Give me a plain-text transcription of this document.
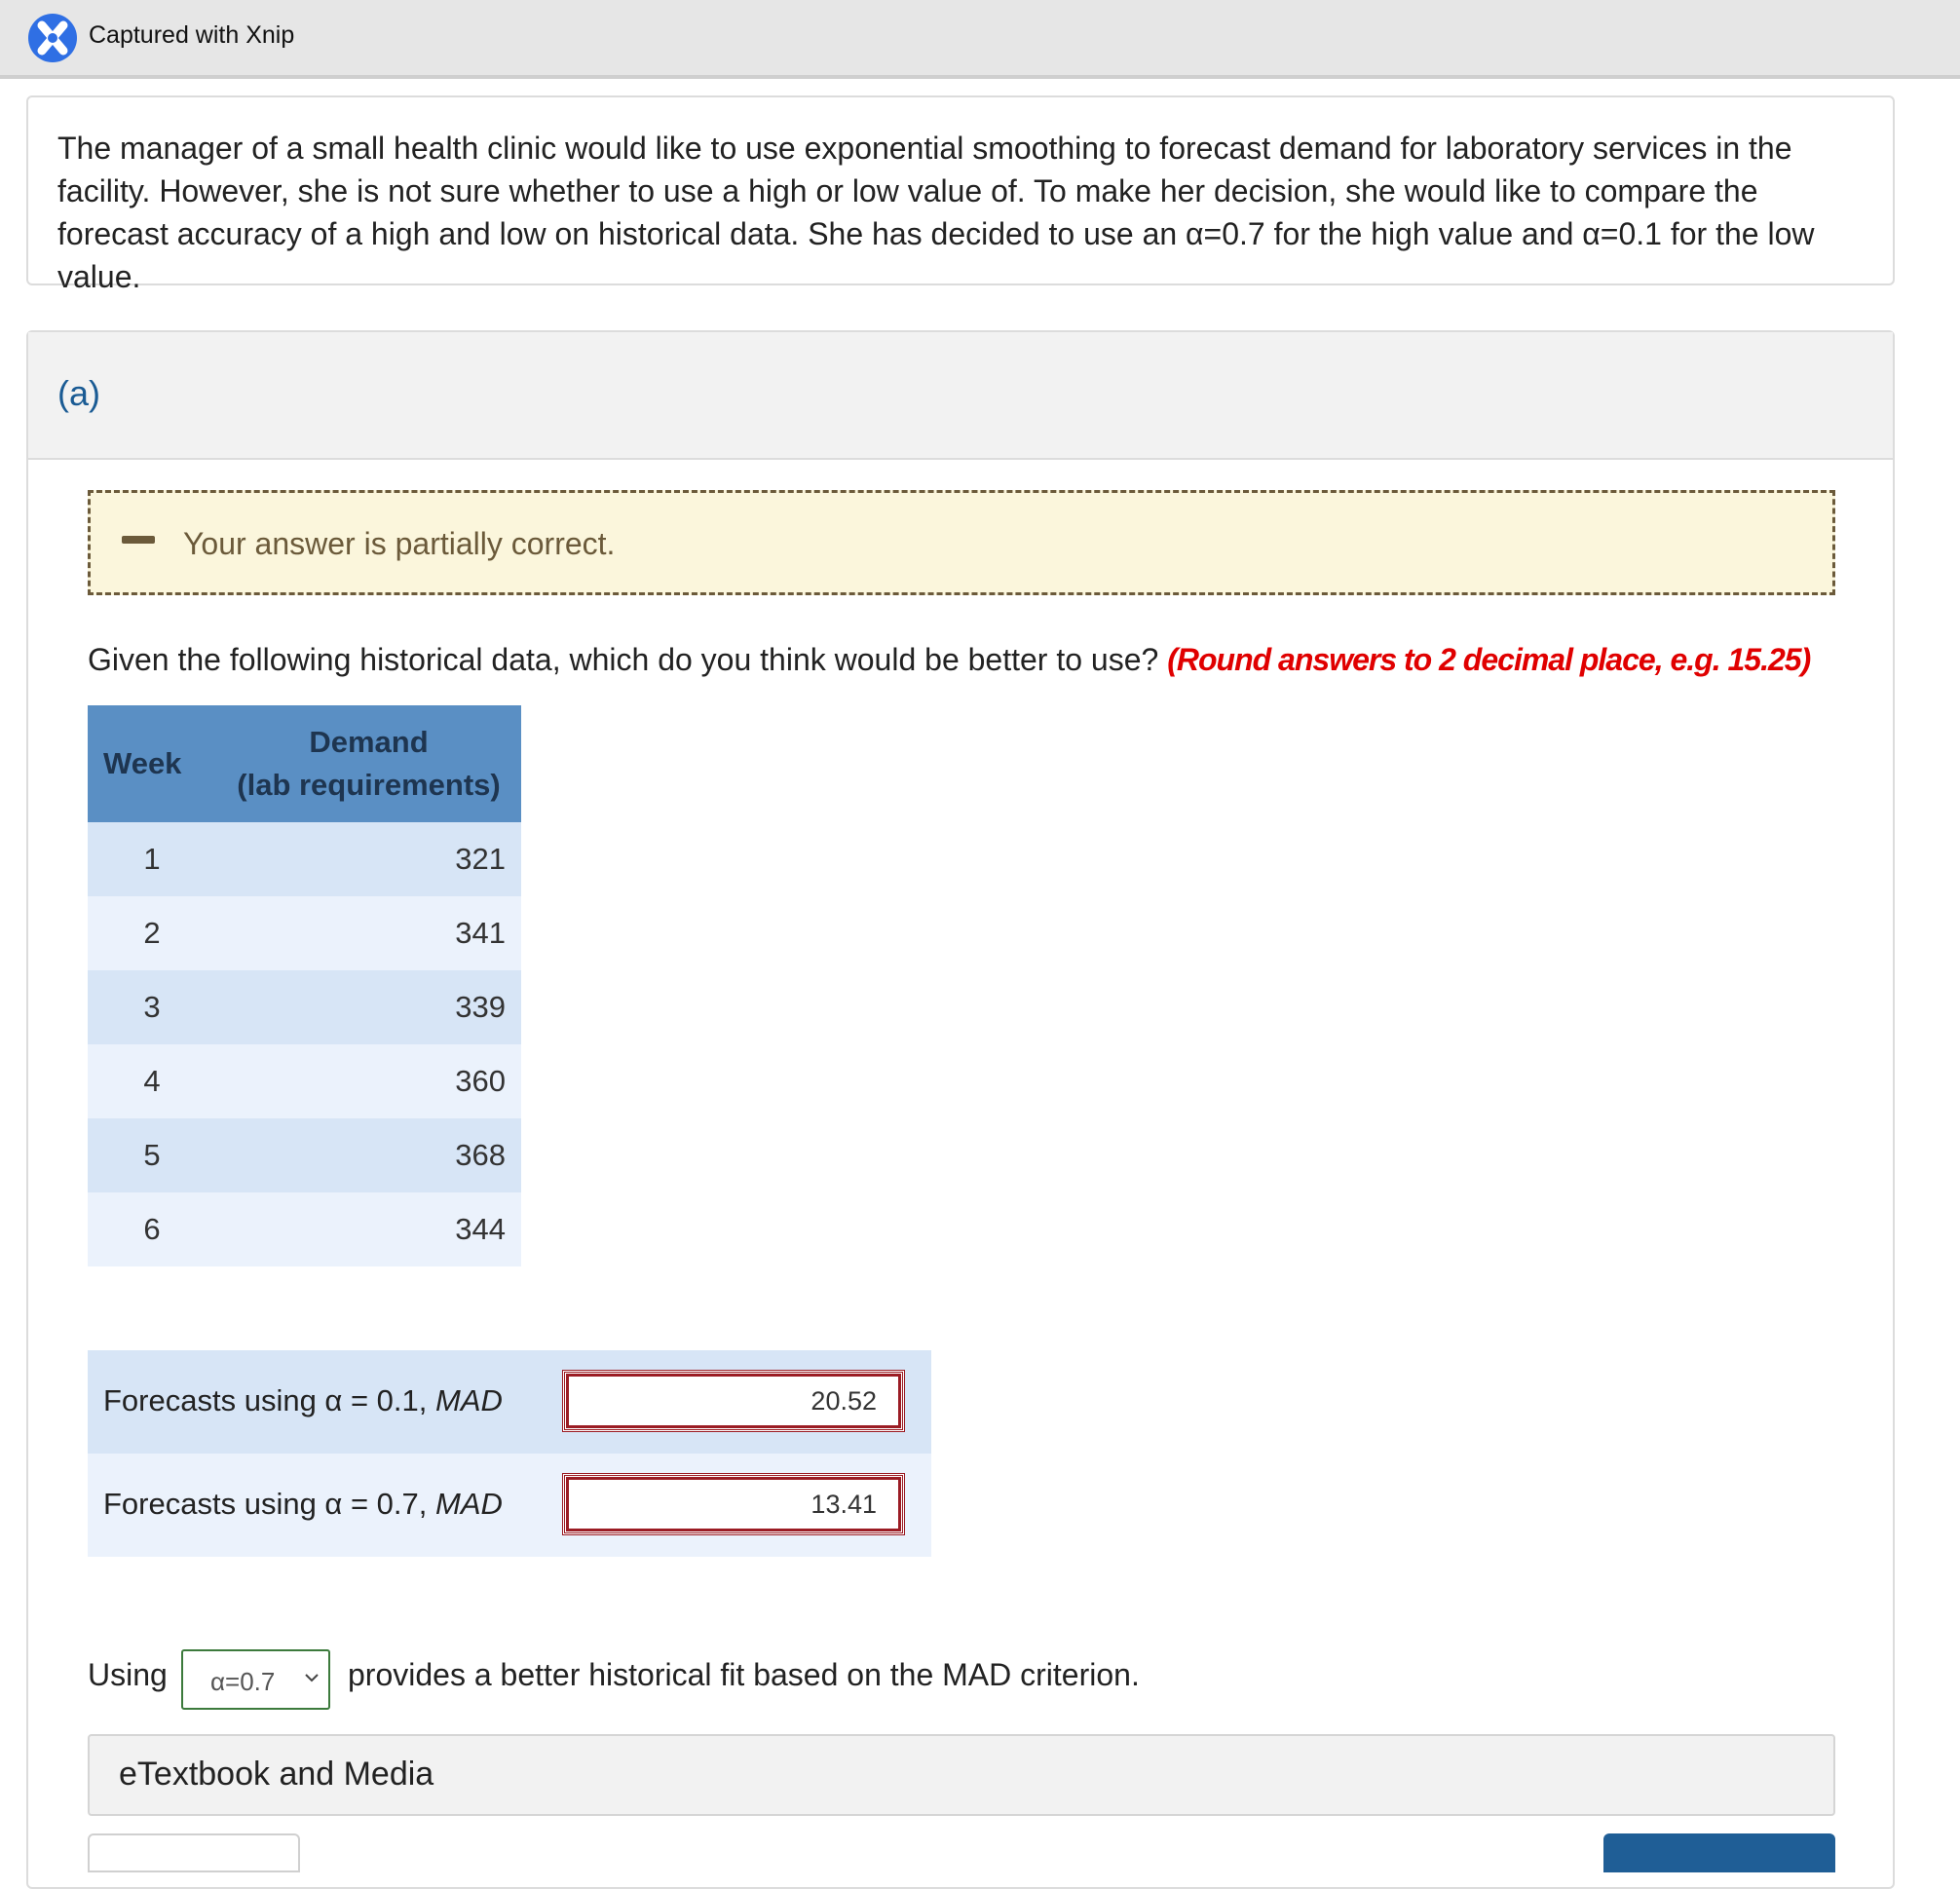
Captured with Xnip

The manager of a small health clinic would like to use exponential smoothing to forecast demand for laboratory services in the facility. However, she is not sure whether to use a high or low value of. To make her decision, she would like to compare the forecast accuracy of a high and low on historical data. She has decided to use an α=0.7 for the high value and α=0.1 for the low value.

(a)
Your answer is partially correct.
Given the following historical data, which do you think would be better to use? (Round answers to 2 decimal place, e.g. 15.25)
Week	Demand
(lab requirements)

1	321
2	341
3	339
4	360
5	368
6	344
Forecasts using α = 0.1, MAD	20.52
Forecasts using α = 0.7, MAD	13.41
Using α=0.7 provides a better historical fit based on the MAD criterion.
eTextbook and Media
